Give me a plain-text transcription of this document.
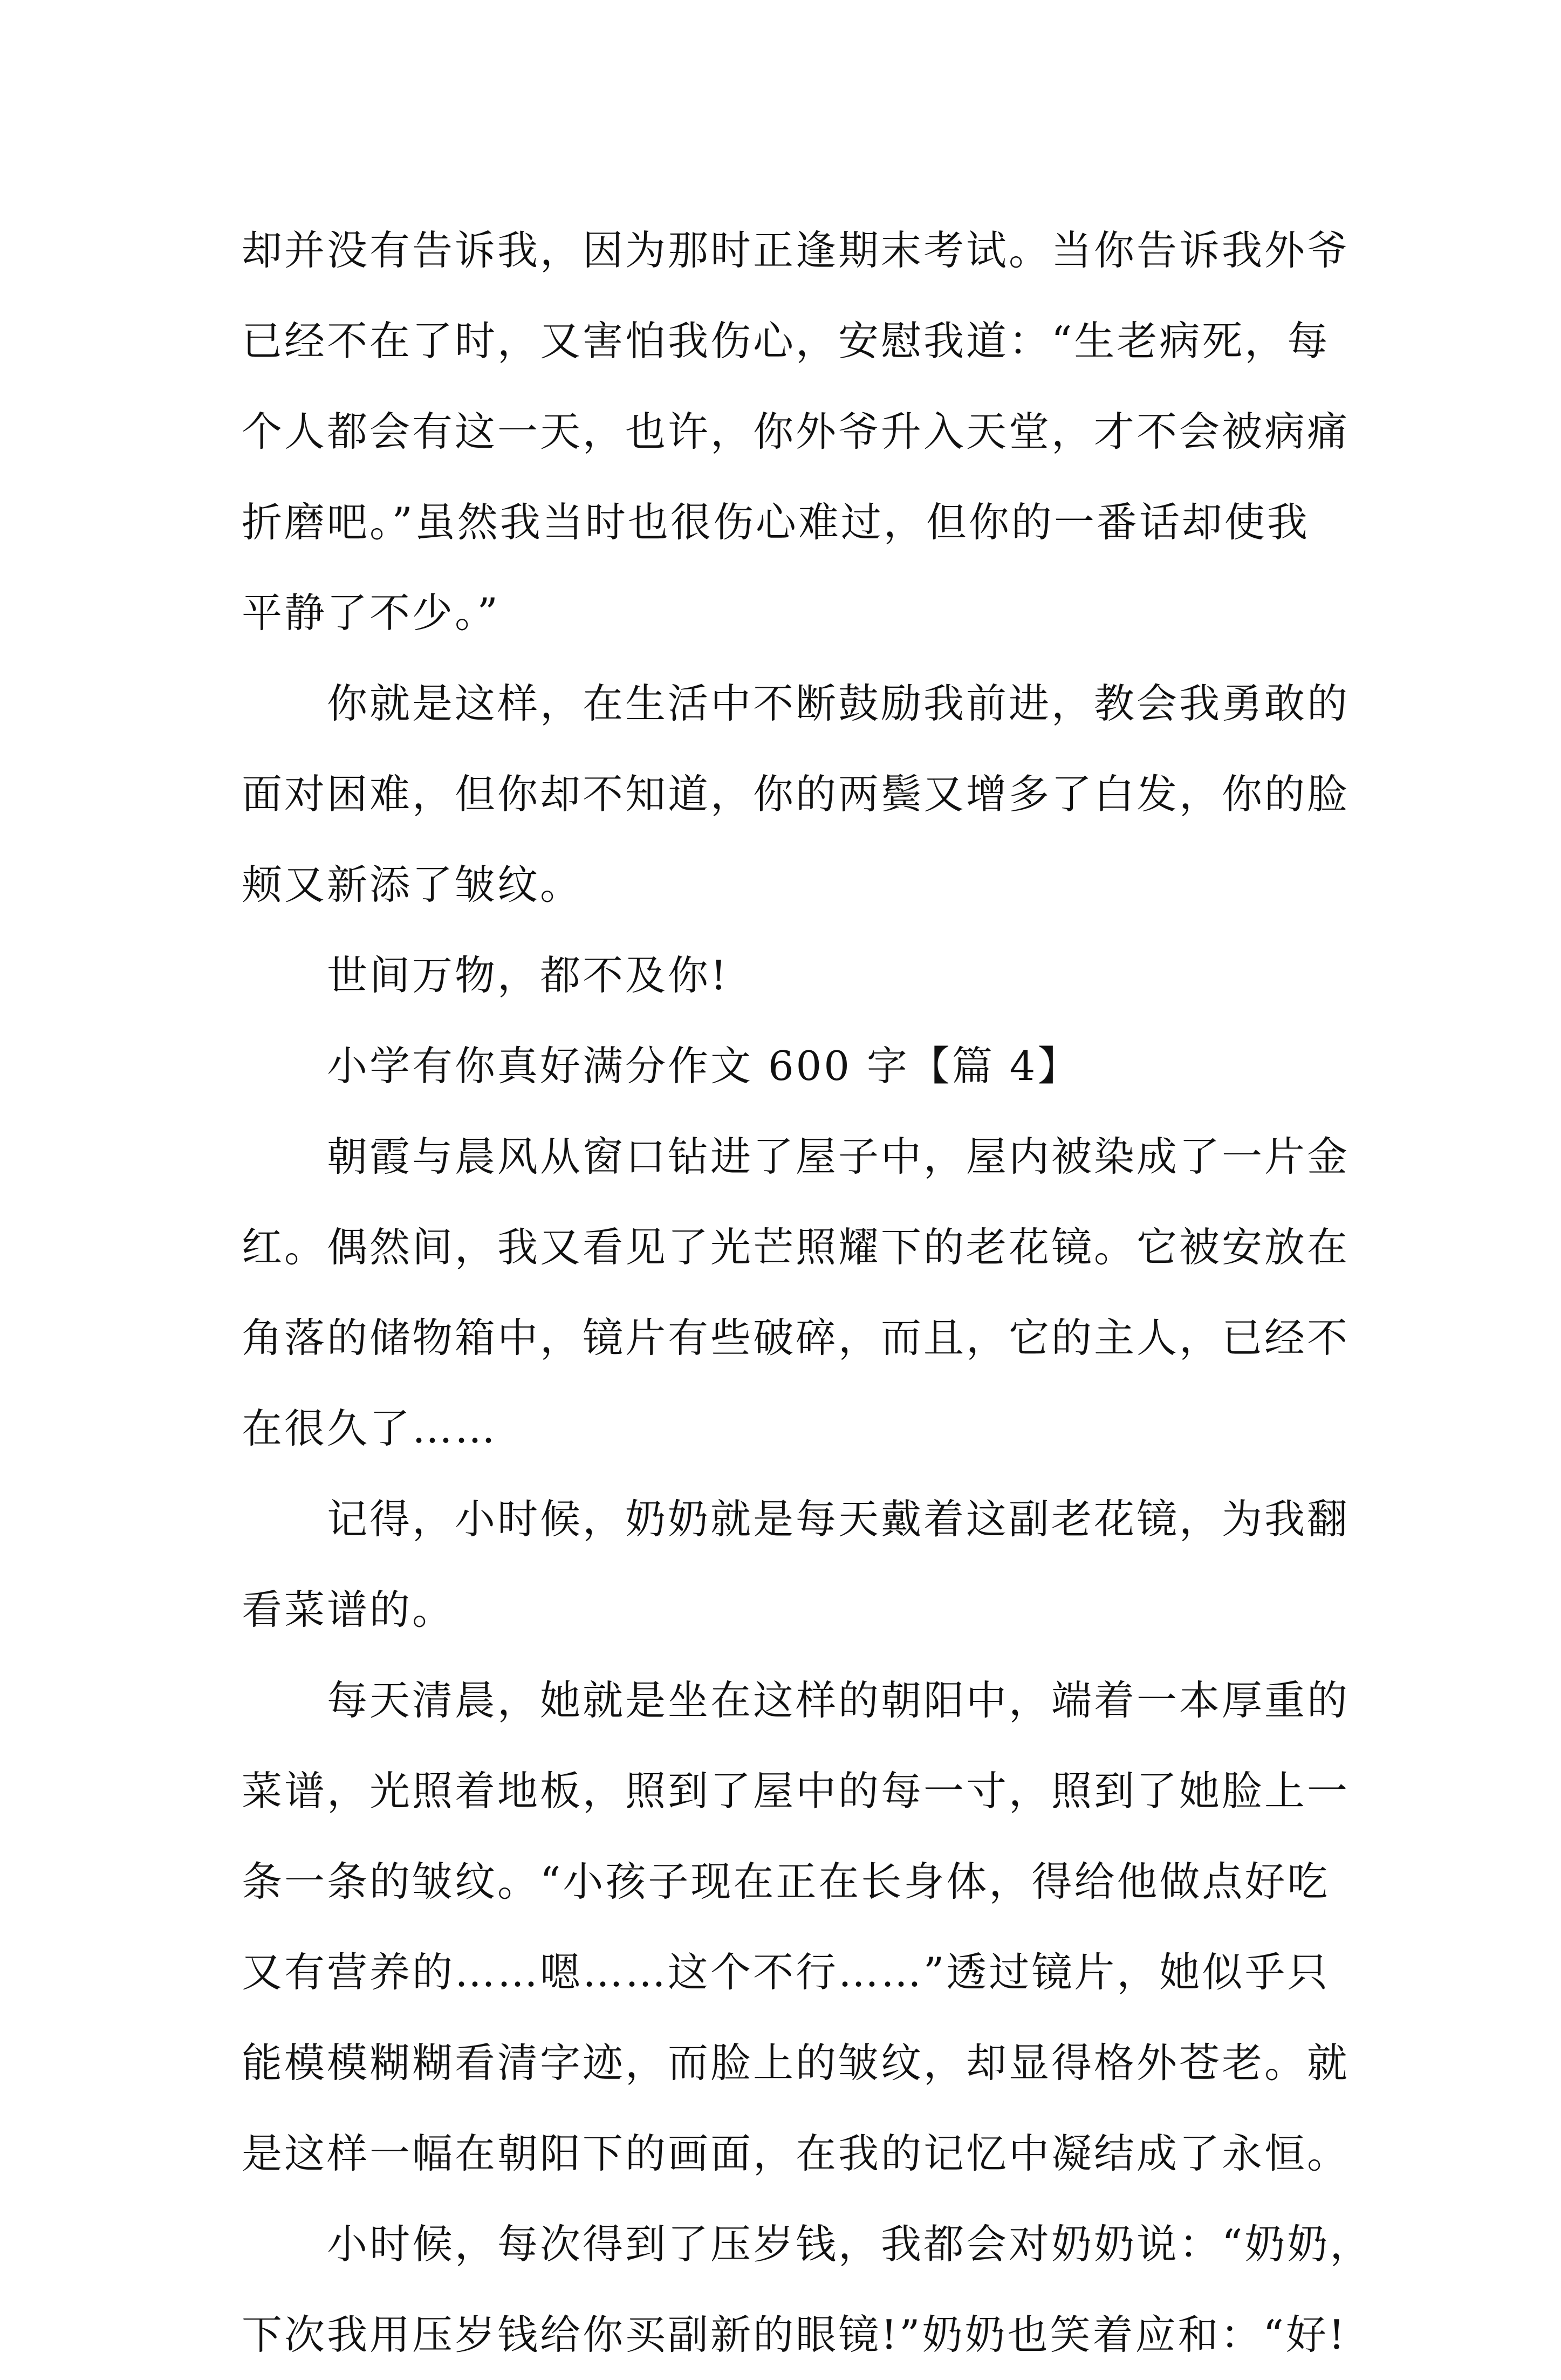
却并没有告诉我，因为那时正逢期末考试。当你告诉我外爷
已经不在了时，又害怕我伤心，安慰我道：“生老病死，每
个人都会有这一天，也许，你外爷升入天堂，才不会被病痛
折磨吧。”虽然我当时也很伤心难过，但你的一番话却使我
平静了不少。”
你就是这样，在生活中不断鼓励我前进，教会我勇敢的
面对困难，但你却不知道，你的两鬓又增多了白发，你的脸
颊又新添了皱纹。
世间万物，都不及你!
小学有你真好满分作文 600 字【篇 4】
朝霞与晨风从窗口钻进了屋子中，屋内被染成了一片金
红。偶然间，我又看见了光芒照耀下的老花镜。它被安放在
角落的储物箱中，镜片有些破碎，而且，它的主人，已经不
在很久了……
记得，小时候，奶奶就是每天戴着这副老花镜，为我翻
看菜谱的。
每天清晨，她就是坐在这样的朝阳中，端着一本厚重的
菜谱，光照着地板，照到了屋中的每一寸，照到了她脸上一
条一条的皱纹。“小孩子现在正在长身体，得给他做点好吃
又有营养的……嗯……这个不行……”透过镜片，她似乎只
能模模糊糊看清字迹，而脸上的皱纹，却显得格外苍老。就
是这样一幅在朝阳下的画面，在我的记忆中凝结成了永恒。
小时候，每次得到了压岁钱，我都会对奶奶说：“奶奶，
下次我用压岁钱给你买副新的眼镜!”奶奶也笑着应和：“好!
